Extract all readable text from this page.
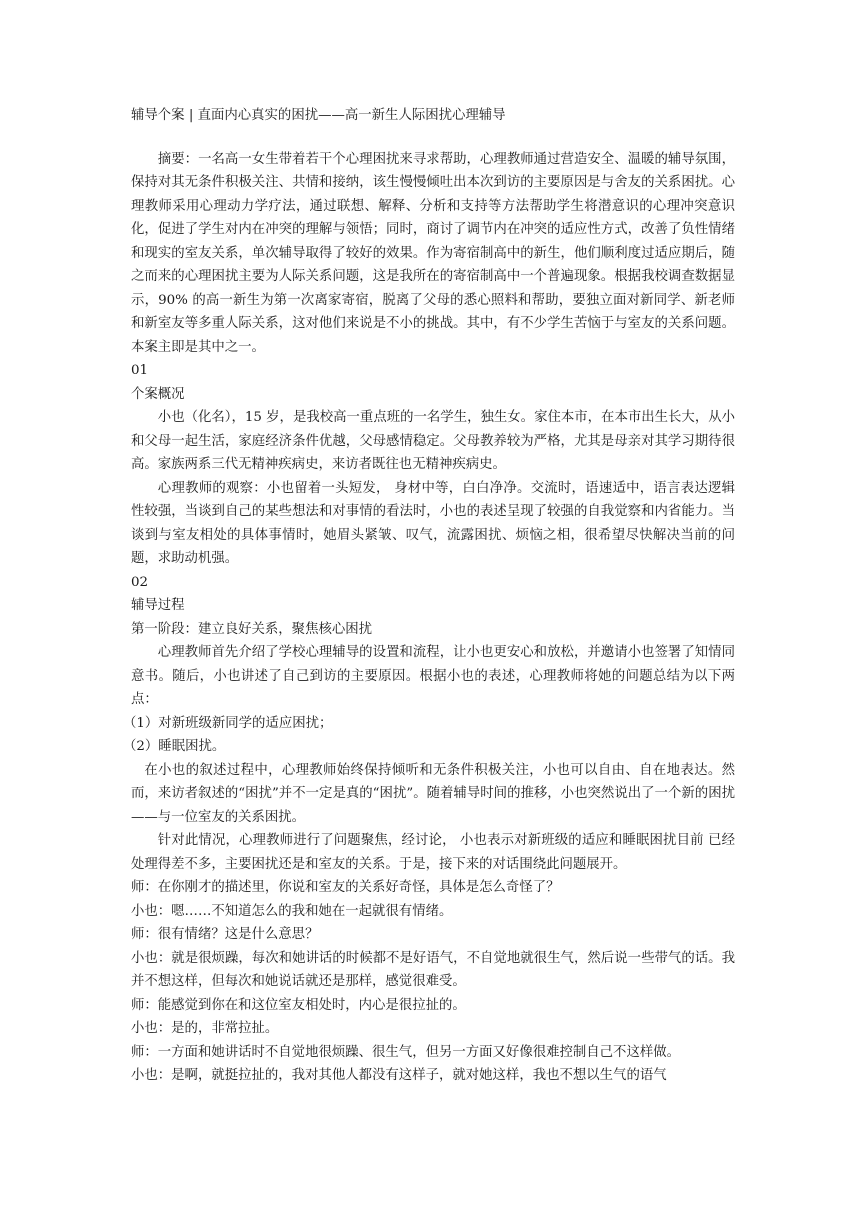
辅导个案 | 直面内心真实的困扰——高一新生人际困扰心理辅导

摘要：一名高一女生带着若干个心理困扰来寻求帮助，心理教师通过营造安全、温暖的辅导氛围，保持对其无条件积极关注、共情和接纳，该生慢慢倾吐出本次到访的主要原因是与舍友的关系困扰。心理教师采用心理动力学疗法，通过联想、解释、分析和支持等方法帮助学生将潜意识的心理冲突意识化，促进了学生对内在冲突的理解与领悟；同时，商讨了调节内在冲突的适应性方式，改善了负性情绪和现实的室友关系，单次辅导取得了较好的效果。作为寄宿制高中的新生，他们顺利度过适应期后，随之而来的心理困扰主要为人际关系问题，这是我所在的寄宿制高中一个普遍现象。根据我校调查数据显示，90% 的高一新生为第一次离家寄宿，脱离了父母的悉心照料和帮助，要独立面对新同学、新老师和新室友等多重人际关系，这对他们来说是不小的挑战。其中，有不少学生苦恼于与室友的关系问题。本案主即是其中之一。

01

个案概况

小也（化名），15 岁，是我校高一重点班的一名学生，独生女。家住本市，在本市出生长大，从小和父母一起生活，家庭经济条件优越，父母感情稳定。父母教养较为严格，尤其是母亲对其学习期待很高。家族两系三代无精神疾病史，来访者既往也无精神疾病史。

心理教师的观察：小也留着一头短发， 身材中等，白白净净。交流时，语速适中，语言表达逻辑性较强，当谈到自己的某些想法和对事情的看法时，小也的表述呈现了较强的自我觉察和内省能力。当谈到与室友相处的具体事情时，她眉头紧皱、叹气，流露困扰、烦恼之相，很希望尽快解决当前的问题，求助动机强。

02

辅导过程

第一阶段：建立良好关系，聚焦核心困扰

心理教师首先介绍了学校心理辅导的设置和流程，让小也更安心和放松，并邀请小也签署了知情同意书。随后，小也讲述了自己到访的主要原因。根据小也的表述，心理教师将她的问题总结为以下两点：

（1）对新班级新同学的适应困扰；

（2）睡眠困扰。

在小也的叙述过程中，心理教师始终保持倾听和无条件积极关注，小也可以自由、自在地表达。然而，来访者叙述的“困扰”并不一定是真的“困扰”。随着辅导时间的推移，小也突然说出了一个新的困扰——与一位室友的关系困扰。

针对此情况，心理教师进行了问题聚焦，经讨论， 小也表示对新班级的适应和睡眠困扰目前 已经处理得差不多，主要困扰还是和室友的关系。于是，接下来的对话围绕此问题展开。

师：在你刚才的描述里，你说和室友的关系好奇怪，具体是怎么奇怪了？

小也：嗯……不知道怎么的我和她在一起就很有情绪。

师：很有情绪？这是什么意思？

小也：就是很烦躁，每次和她讲话的时候都不是好语气，不自觉地就很生气，然后说一些带气的话。我并不想这样，但每次和她说话就还是那样，感觉很难受。

师：能感觉到你在和这位室友相处时，内心是很拉扯的。

小也：是的，非常拉扯。

师：一方面和她讲话时不自觉地很烦躁、很生气，但另一方面又好像很难控制自己不这样做。

小也：是啊，就挺拉扯的，我对其他人都没有这样子，就对她这样，我也不想以生气的语气
